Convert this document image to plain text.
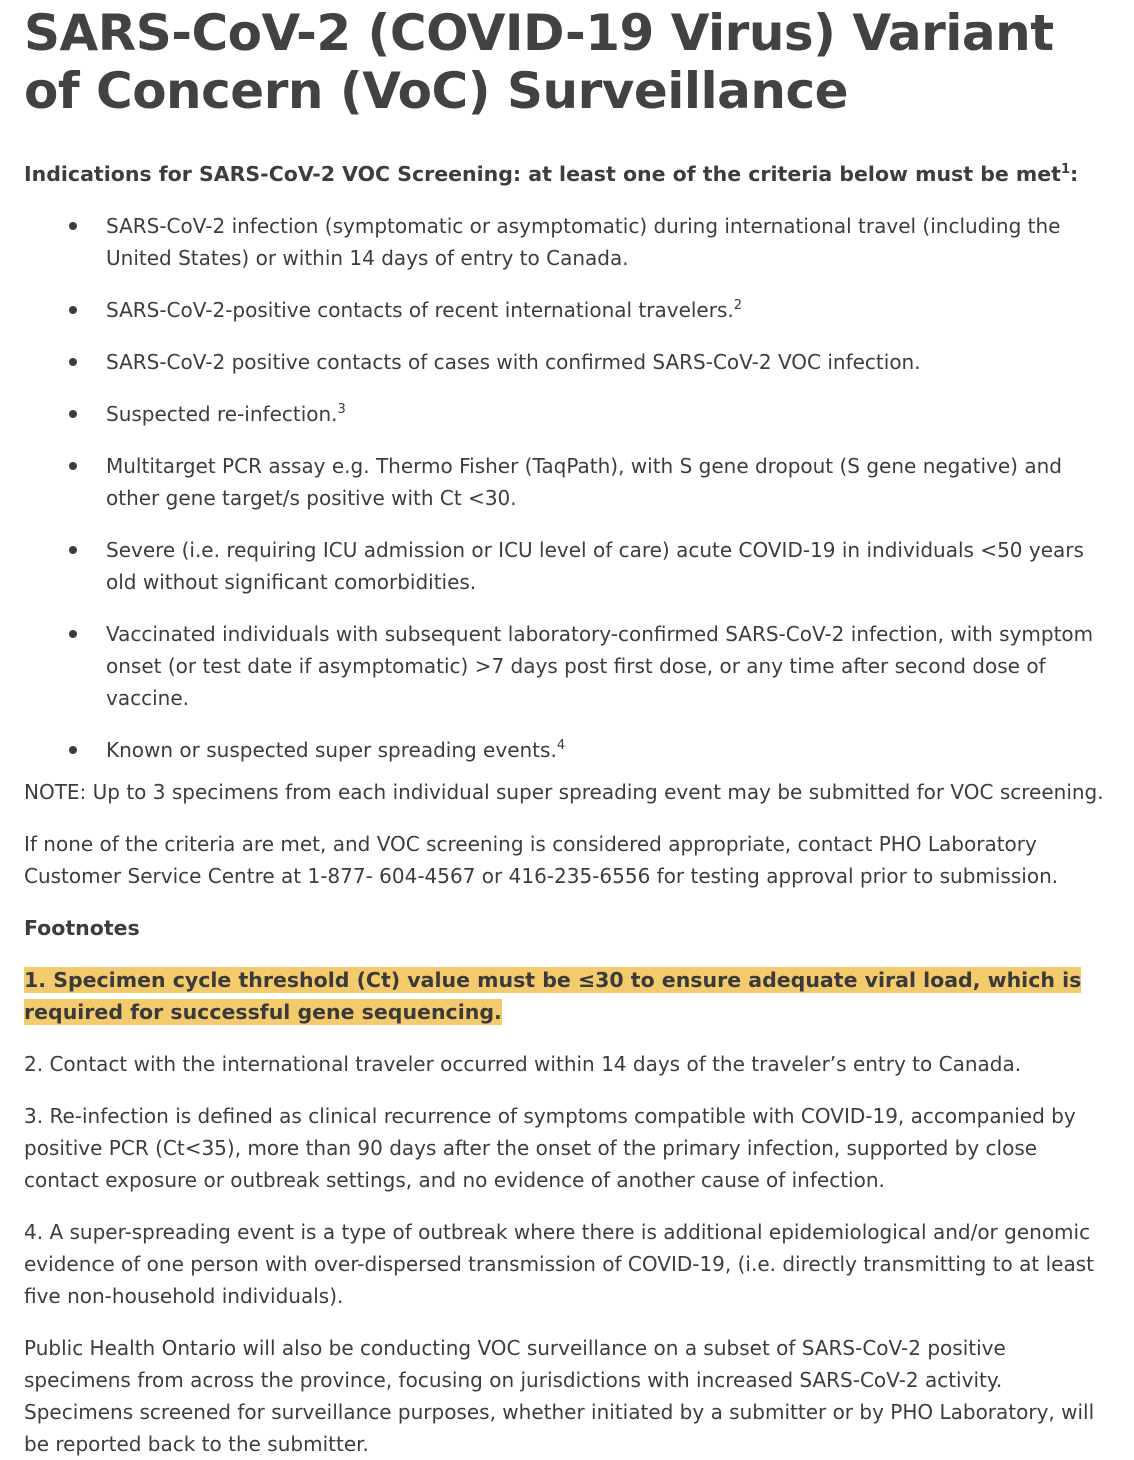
SARS-CoV-2 (COVID-19 Virus) Variant of Concern (VoC) Surveillance
Indications for SARS-CoV-2 VOC Screening: at least one of the criteria below must be met$^1$:
SARS-CoV-2 infection (symptomatic or asymptomatic) during international travel (including the United States) or within 14 days of entry to Canada.
SARS-CoV-2-positive contacts of recent international travelers.$^2$
SARS-CoV-2 positive contacts of cases with confirmed SARS-CoV-2 VOC infection.
Suspected re-infection.$^3$
Multitarget PCR assay e.g. Thermo Fisher (TaqPath), with S gene dropout (S gene negative) and other gene target/s positive with Ct <30.
Severe (i.e. requiring ICU admission or ICU level of care) acute COVID-19 in individuals <50 years old without significant comorbidities.
Vaccinated individuals with subsequent laboratory-confirmed SARS-CoV-2 infection, with symptom onset (or test date if asymptomatic) >7 days post first dose, or any time after second dose of vaccine.
Known or suspected super spreading events.$^4$

NOTE: Up to 3 specimens from each individual super spreading event may be submitted for VOC screening.

If none of the criteria are met, and VOC screening is considered appropriate, contact PHO Laboratory Customer Service Centre at 1-877- 604-4567 or 416-235-6556 for testing approval prior to submission.

Footnotes

1. Specimen cycle threshold (Ct) value must be ≤30 to ensure adequate viral load, which is required for successful gene sequencing.

2. Contact with the international traveler occurred within 14 days of the traveler’s entry to Canada.

3. Re-infection is defined as clinical recurrence of symptoms compatible with COVID-19, accompanied by positive PCR (Ct<35), more than 90 days after the onset of the primary infection, supported by close contact exposure or outbreak settings, and no evidence of another cause of infection.

4. A super-spreading event is a type of outbreak where there is additional epidemiological and/or genomic evidence of one person with over-dispersed transmission of COVID-19, (i.e. directly transmitting to at least five non-household individuals).

Public Health Ontario will also be conducting VOC surveillance on a subset of SARS-CoV-2 positive specimens from across the province, focusing on jurisdictions with increased SARS-CoV-2 activity. Specimens screened for surveillance purposes, whether initiated by a submitter or by PHO Laboratory, will be reported back to the submitter.
